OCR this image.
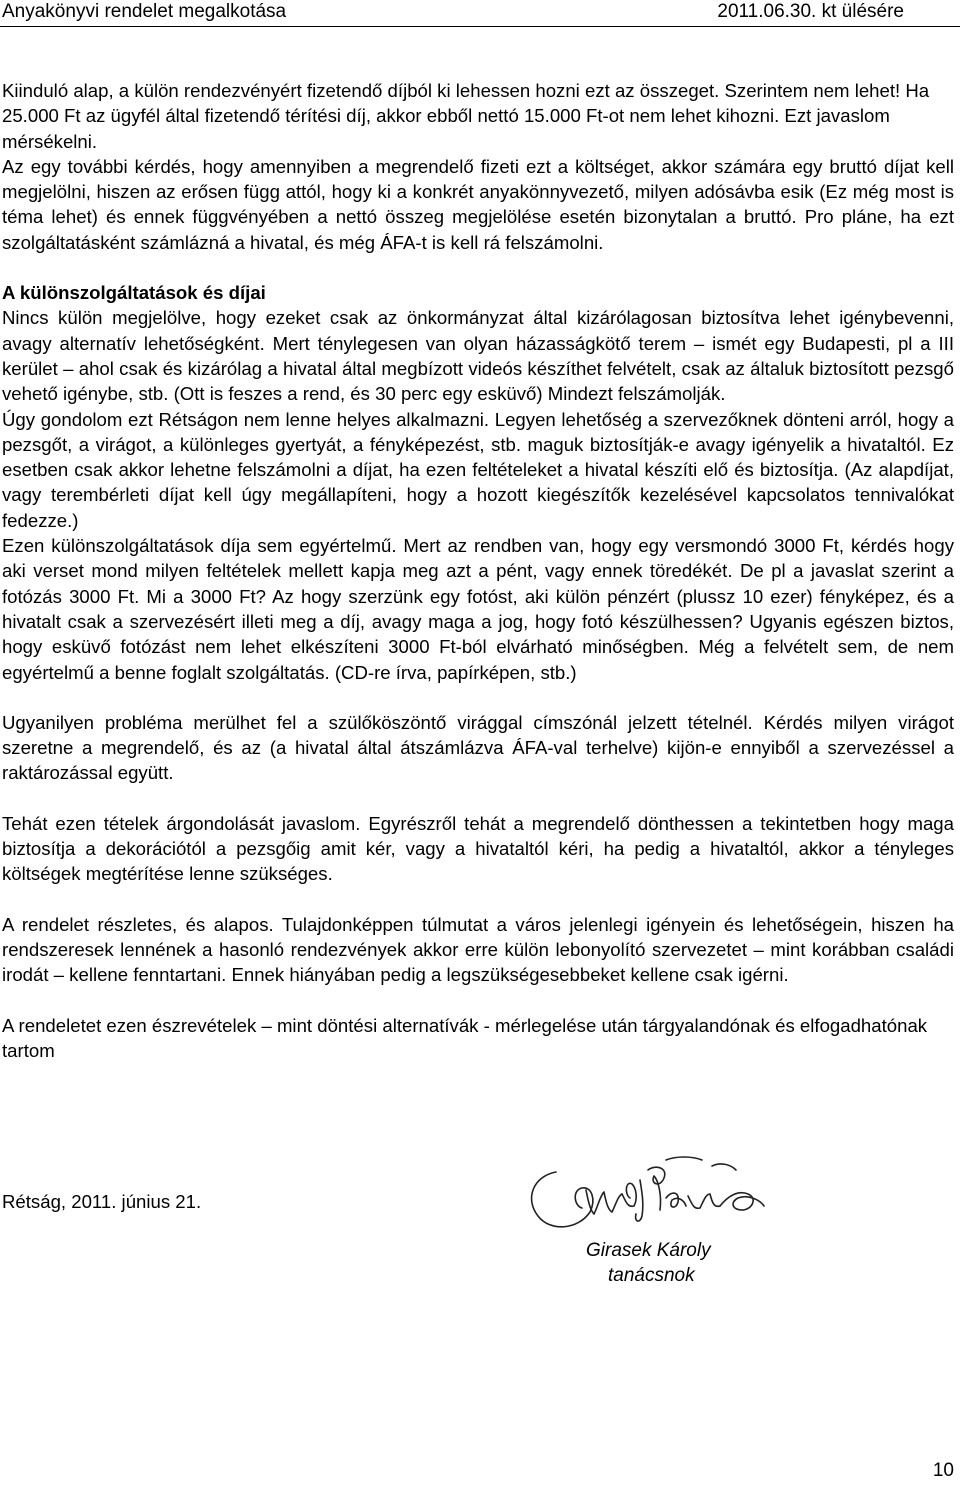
Anyakönyvi rendelet megalkotása	2011.06.30. kt ülésére

Kiinduló alap, a külön rendezvényért fizetendő díjból ki lehessen hozni ezt az összeget. Szerintem nem lehet! Ha 25.000 Ft az ügyfél által fizetendő térítési díj, akkor ebből nettó 15.000 Ft-ot nem lehet kihozni. Ezt javaslom mérsékelni.

Az egy további kérdés, hogy amennyiben a megrendelő fizeti ezt a költséget, akkor számára egy bruttó díjat kell megjelölni, hiszen az erősen függ attól, hogy ki a konkrét anyakönnyvezető, milyen adósávba esik (Ez még most is téma lehet) és ennek függvényében a nettó összeg megjelölése esetén bizonytalan a bruttó. Pro pláne, ha ezt szolgáltatásként számlázná a hivatal, és még ÁFA-t is kell rá felszámolni.

A különszolgáltatások és díjai

Nincs külön megjelölve, hogy ezeket csak az önkormányzat által kizárólagosan biztosítva lehet igénybevenni, avagy alternatív lehetőségként. Mert ténylegesen van olyan házasságkötő terem – ismét egy Budapesti, pl a III kerület – ahol csak és kizárólag a hivatal által megbízott videós készíthet felvételt, csak az általuk biztosított pezsgő vehető igénybe, stb. (Ott is feszes a rend, és 30 perc egy esküvő) Mindezt felszámolják.

Úgy gondolom ezt Rétságon nem lenne helyes alkalmazni. Legyen lehetőség a szervezőknek dönteni arról, hogy a pezsgőt, a virágot, a különleges gyertyát, a fényképezést, stb. maguk biztosítják-e avagy igényelik a hivataltól. Ez esetben csak akkor lehetne felszámolni a díjat, ha ezen feltételeket a hivatal készíti elő és biztosítja. (Az alapdíjat, vagy terembérleti díjat kell úgy megállapíteni, hogy a hozott kiegészítők kezelésével kapcsolatos tennivalókat fedezze.)

Ezen különszolgáltatások díja sem egyértelmű. Mert az rendben van, hogy egy versmondó 3000 Ft, kérdés hogy aki verset mond milyen feltételek mellett kapja meg azt a pént, vagy ennek töredékét. De pl a javaslat szerint a fotózás 3000 Ft. Mi a 3000 Ft? Az hogy szerzünk egy fotóst, aki külön pénzért (plussz 10 ezer) fényképez, és a hivatalt csak a szervezésért illeti meg a díj, avagy maga a jog, hogy fotó készülhessen? Ugyanis egészen biztos, hogy esküvő fotózást nem lehet elkészíteni 3000 Ft-ból elvárható minőségben. Még a felvételt sem, de nem egyértelmű a benne foglalt szolgáltatás. (CD-re írva, papírképen, stb.)

Ugyanilyen probléma merülhet fel a szülőköszöntő virággal címszónál jelzett tételnél. Kérdés milyen virágot szeretne a megrendelő, és az (a hivatal által átszámlázva ÁFA-val terhelve) kijön-e ennyiből a szervezéssel a raktározással együtt.

Tehát ezen tételek árgondolását javaslom. Egyrészről tehát a megrendelő dönthessen a tekintetben hogy maga biztosítja a dekorációtól a pezsgőig amit kér, vagy a hivataltól kéri, ha pedig a hivataltól, akkor a tényleges költségek megtérítése lenne szükséges.

A rendelet részletes, és alapos. Tulajdonképpen túlmutat a város jelenlegi igényein és lehetőségein, hiszen ha rendszeresek lennének a hasonló rendezvények akkor erre külön lebonyolító szervezetet – mint korábban családi irodát – kellene fenntartani. Ennek hiányában pedig a legszükségesebbeket kellene csak igérni.

A rendeletet ezen észrevételek – mint döntési alternatívák - mérlegelése után tárgyalandónak és elfogadhatónak tartom

Rétság, 2011. június 21.
Girasek Károly
tanácsnok
10
